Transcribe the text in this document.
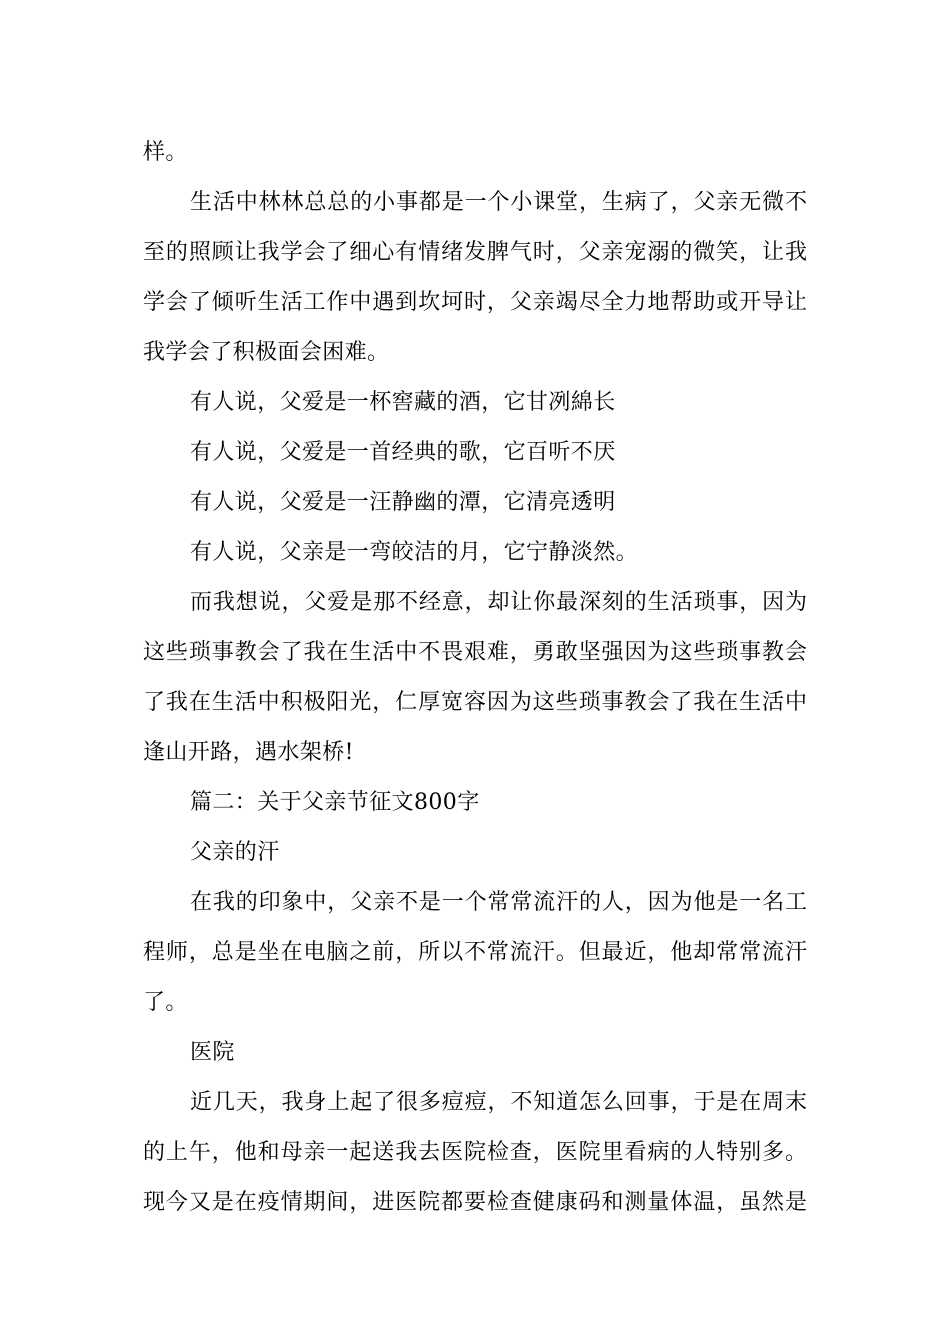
样。
生活中林林总总的小事都是一个小课堂，生病了，父亲无微不
至的照顾让我学会了细心有情绪发脾气时，父亲宠溺的微笑，让我
学会了倾听生活工作中遇到坎坷时，父亲竭尽全力地帮助或开导让
我学会了积极面会困难。
有人说，父爱是一杯窖藏的酒，它甘冽綿长
有人说，父爱是一首经典的歌，它百听不厌
有人说，父爱是一汪静幽的潭，它清亮透明
有人说，父亲是一弯皎洁的月，它宁静淡然。
而我想说，父爱是那不经意，却让你最深刻的生活琐事，因为
这些琐事教会了我在生活中不畏艰难，勇敢坚强因为这些琐事教会
了我在生活中积极阳光，仁厚宽容因为这些琐事教会了我在生活中
逢山开路，遇水架桥!
篇二：关于父亲节征文800字
父亲的汗
在我的印象中，父亲不是一个常常流汗的人，因为他是一名工
程师，总是坐在电脑之前，所以不常流汗。但最近，他却常常流汗
了。
医院
近几天，我身上起了很多痘痘，不知道怎么回事，于是在周末
的上午，他和母亲一起送我去医院检查，医院里看病的人特别多。
现今又是在疫情期间，进医院都要检查健康码和测量体温，虽然是
